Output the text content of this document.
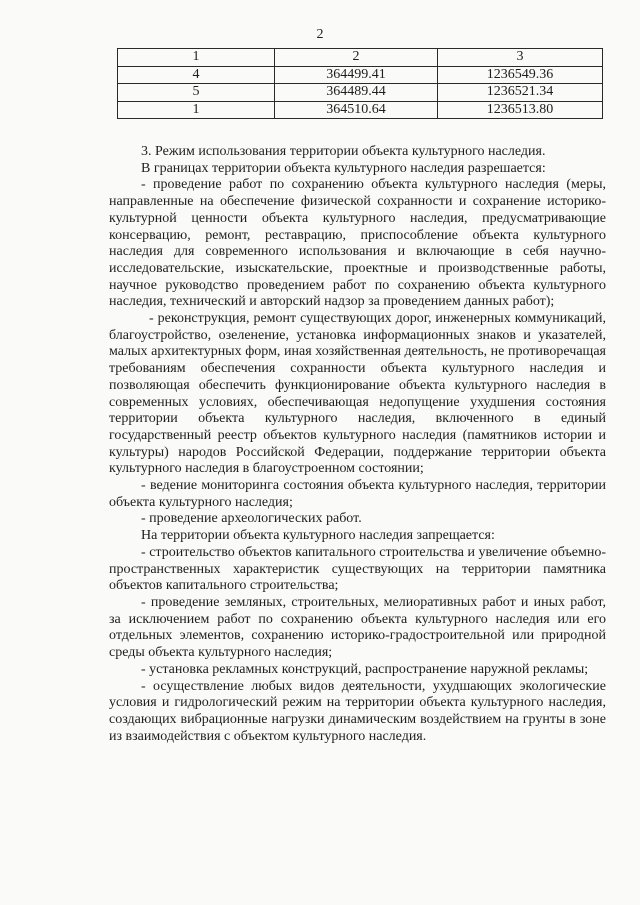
2
1	2	3
4	364499.41	1236549.36
5	364489.44	1236521.34
1	364510.64	1236513.80

3. Режим использования территории объекта культурного наследия.

В границах территории объекта культурного наследия разрешается:

- проведение работ по сохранению объекта культурного наследия (меры, направленные на обеспечение физической сохранности и сохранение историко-культурной ценности объекта культурного наследия, предусматривающие консервацию, ремонт, реставрацию, приспособление объекта культурного наследия для современного использования и включающие в себя научно-исследовательские, изыскательские, проектные и производственные работы, научное руководство проведением работ по сохранению объекта культурного наследия, технический и авторский надзор за проведением данных работ);

- реконструкция, ремонт существующих дорог, инженерных коммуникаций, благоустройство, озеленение, установка информационных знаков и указателей, малых архитектурных форм, иная хозяйственная деятельность, не противоречащая требованиям обеспечения сохранности объекта культурного наследия и позволяющая обеспечить функционирование объекта культурного наследия в современных условиях, обеспечивающая недопущение ухудшения состояния территории объекта культурного наследия, включенного в единый государственный реестр объектов культурного наследия (памятников истории и культуры) народов Российской Федерации, поддержание территории объекта культурного наследия в благоустроенном состоянии;

- ведение мониторинга состояния объекта культурного наследия, территории объекта культурного наследия;

- проведение археологических работ.

На территории объекта культурного наследия запрещается:

- строительство объектов капитального строительства и увеличение объемно-пространственных характеристик существующих на территории памятника объектов капитального строительства;

- проведение земляных, строительных, мелиоративных работ и иных работ, за исключением работ по сохранению объекта культурного наследия или его отдельных элементов, сохранению историко-градостроительной или природной среды объекта культурного наследия;

- установка рекламных конструкций, распространение наружной рекламы;

- осуществление любых видов деятельности, ухудшающих экологические условия и гидрологический режим на территории объекта культурного наследия, создающих вибрационные нагрузки динамическим воздействием на грунты в зоне из взаимодействия с объектом культурного наследия.
